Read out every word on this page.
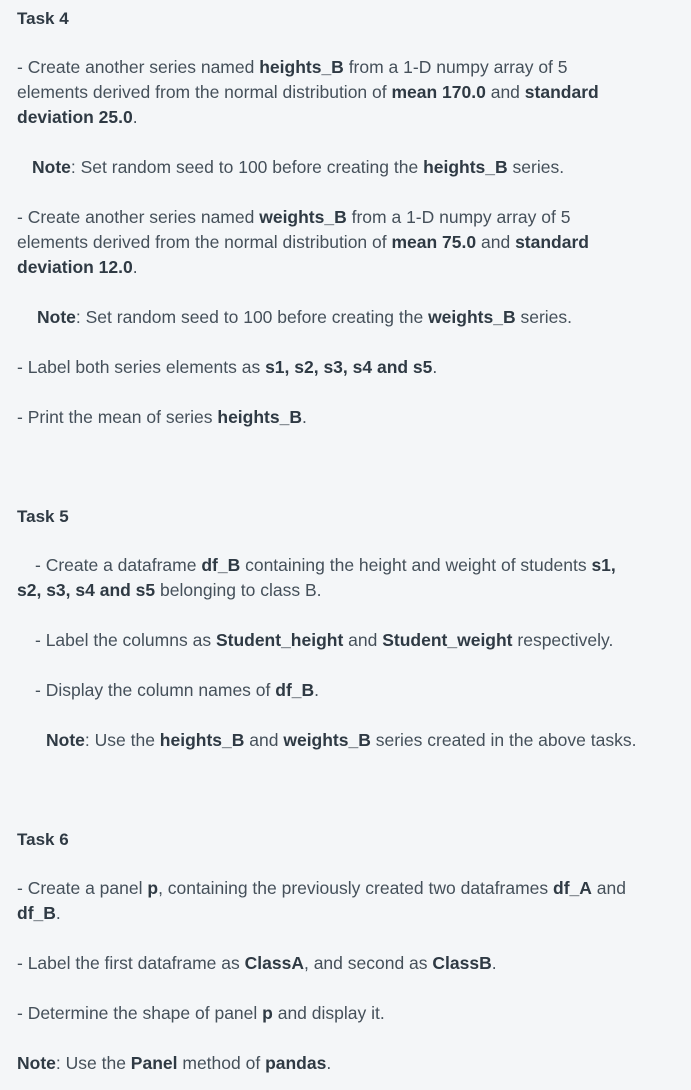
Task 4
- Create another series named heights_B from a 1-D numpy array of 5
elements derived from the normal distribution of mean 170.0 and standard
deviation 25.0.
Note: Set random seed to 100 before creating the heights_B series.
- Create another series named weights_B from a 1-D numpy array of 5
elements derived from the normal distribution of mean 75.0 and standard
deviation 12.0.
Note: Set random seed to 100 before creating the weights_B series.
- Label both series elements as s1, s2, s3, s4 and s5.
- Print the mean of series heights_B.
Task 5
- Create a dataframe df_B containing the height and weight of students s1,
s2, s3, s4 and s5 belonging to class B.
- Label the columns as Student_height and Student_weight respectively.
- Display the column names of df_B.
Note: Use the heights_B and weights_B series created in the above tasks.
Task 6
- Create a panel p, containing the previously created two dataframes df_A and
df_B.
- Label the first dataframe as ClassA, and second as ClassB.
- Determine the shape of panel p and display it.
Note: Use the Panel method of pandas.
